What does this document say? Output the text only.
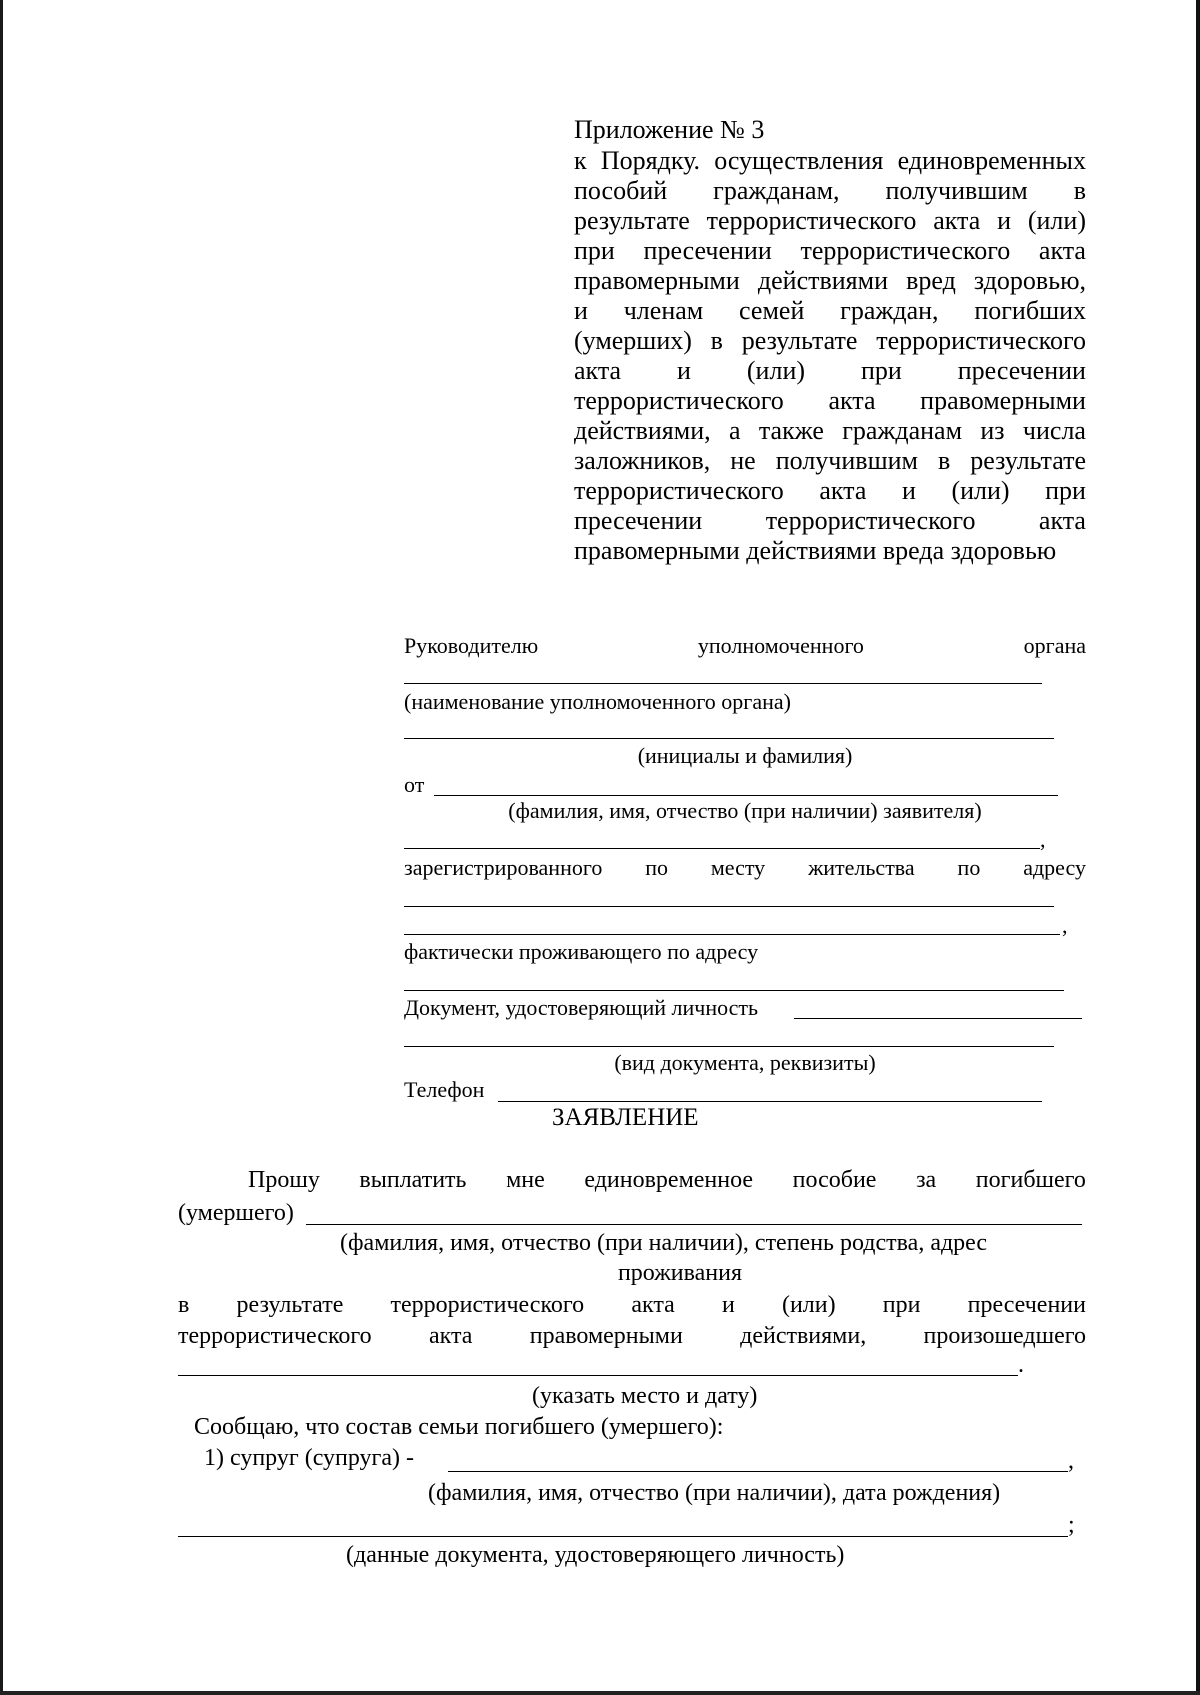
Приложение № 3
к Порядку. осуществления единовременных
пособий гражданам, получившим в
результате террористического акта и (или)
при пресечении террористического акта
правомерными действиями вред здоровью,
и членам семей граждан, погибших
(умерших) в результате террористического
акта и (или) при пресечении
террористического акта правомерными
действиями, а также гражданам из числа
заложников, не получившим в результате
террористического акта и (или) при
пресечении террористического акта
правомерными действиями вреда здоровью
Руководителю	уполномоченного	органа
(наименование уполномоченного органа)
(инициалы и фамилия)
от
(фамилия, имя, отчество (при наличии) заявителя)
,
зарегистрированного по месту жительства по адресу
,
фактически проживающего по адресу
Документ, удостоверяющий личность
(вид документа, реквизиты)
Телефон
ЗАЯВЛЕНИЕ
Прошу выплатить мне единовременное пособие за погибшего
(умершего)
(фамилия, имя, отчество (при наличии), степень родства, адрес
проживания
в результате террористического акта и (или) при пресечении
террористического акта правомерными действиями, произошедшего
.
(указать место и дату)
Сообщаю, что состав семьи погибшего (умершего):
1) супруг (супруга) -	,
(фамилия, имя, отчество (при наличии), дата рождения)
;
(данные документа, удостоверяющего личность)
